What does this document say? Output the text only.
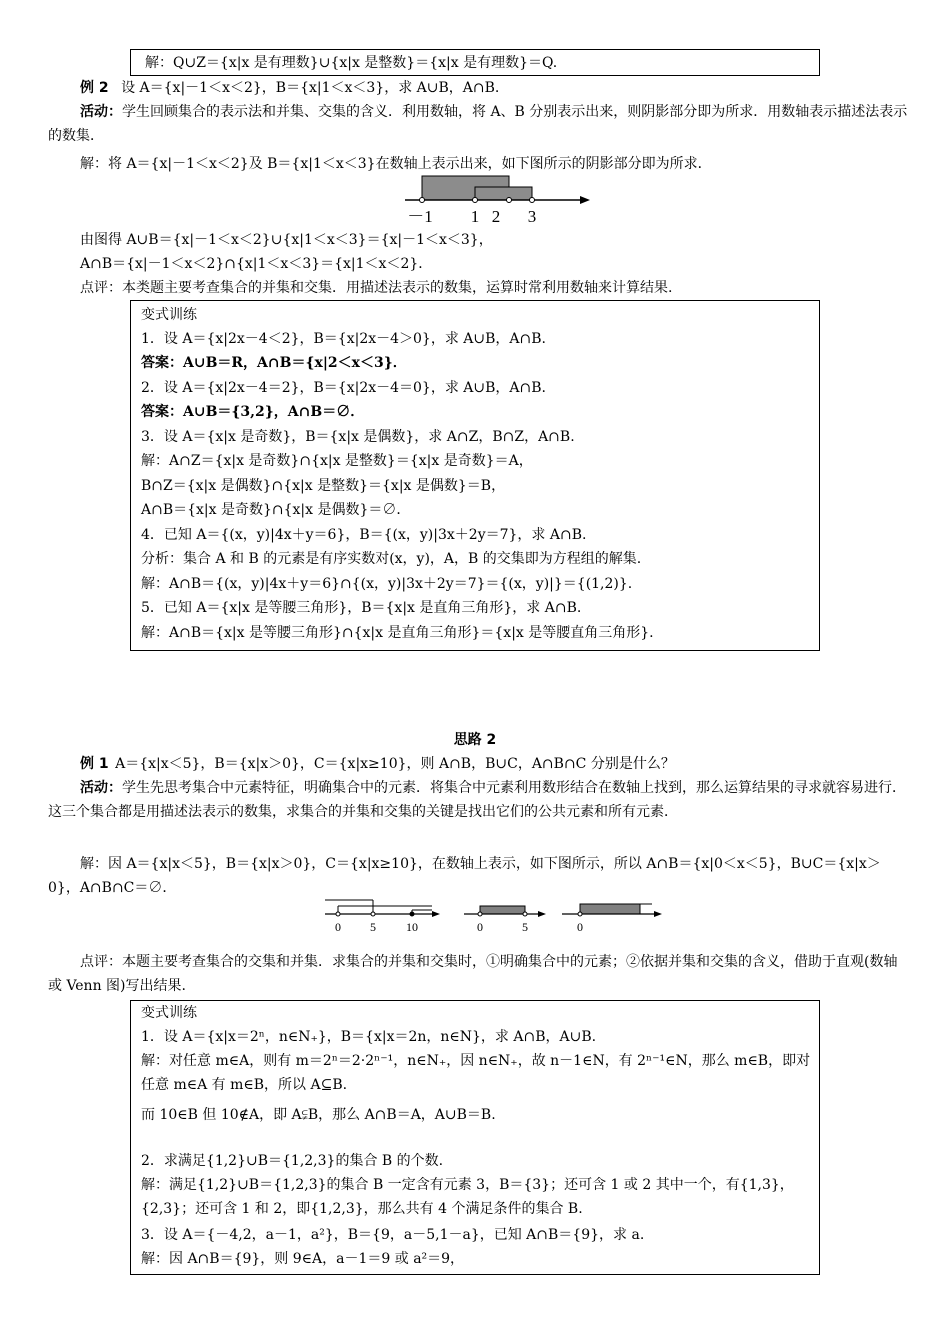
解：Q∪Z＝{x|x 是有理数}∪{x|x 是整数}＝{x|x 是有理数}＝Q.
例 2 设 A＝{x|－1＜x＜2}，B＝{x|1＜x＜3}，求 A∪B，A∩B.
活动：学生回顾集合的表示法和并集、交集的含义．利用数轴，将 A、B 分别表示出来，则阴影部分即为所求．用数轴表示描述法表示的数集．
解：将 A＝{x|－1＜x＜2}及 B＝{x|1＜x＜3}在数轴上表示出来，如下图所示的阴影部分即为所求．
－1 1 2 3
由图得 A∪B＝{x|－1＜x＜2}∪{x|1＜x＜3}＝{x|－1＜x＜3}，
A∩B＝{x|－1＜x＜2}∩{x|1＜x＜3}＝{x|1＜x＜2}．
点评：本类题主要考查集合的并集和交集．用描述法表示的数集，运算时常利用数轴来计算结果.
变式训练
1．设 A＝{x|2x－4＜2}，B＝{x|2x－4＞0}，求 A∪B，A∩B.
答案：A∪B＝R，A∩B＝{x|2＜x＜3}．
2．设 A＝{x|2x－4＝2}，B＝{x|2x－4＝0}，求 A∪B，A∩B.
答案：A∪B＝{3,2}，A∩B＝∅．
3．设 A＝{x|x 是奇数}，B＝{x|x 是偶数}，求 A∩Z，B∩Z，A∩B.
解：A∩Z＝{x|x 是奇数}∩{x|x 是整数}＝{x|x 是奇数}＝A，
B∩Z＝{x|x 是偶数}∩{x|x 是整数}＝{x|x 是偶数}＝B，
A∩B＝{x|x 是奇数}∩{x|x 是偶数}＝∅．
4．已知 A＝{(x，y)|4x＋y＝6}，B＝{(x，y)|3x＋2y＝7}，求 A∩B.
分析：集合 A 和 B 的元素是有序实数对(x，y)，A，B 的交集即为方程组的解集.
解：A∩B＝{(x，y)|4x＋y＝6}∩{(x，y)|3x＋2y＝7}＝{(x，y)|}＝{(1,2)}.
5．已知 A＝{x|x 是等腰三角形}，B＝{x|x 是直角三角形}，求 A∩B.
解：A∩B＝{x|x 是等腰三角形}∩{x|x 是直角三角形}＝{x|x 是等腰直角三角形}.
思路 2
例 1 A＝{x|x＜5}，B＝{x|x＞0}，C＝{x|x≥10}，则 A∩B，B∪C，A∩B∩C 分别是什么？
活动：学生先思考集合中元素特征，明确集合中的元素．将集合中元素利用数形结合在数轴上找到，那么运算结果的寻求就容易进行．这三个集合都是用描述法表示的数集，求集合的并集和交集的关键是找出它们的公共元素和所有元素．
解：因 A＝{x|x＜5}，B＝{x|x＞0}，C＝{x|x≥10}，在数轴上表示，如下图所示，所以 A∩B＝{x|0＜x＜5}，B∪C＝{x|x＞0}，A∩B∩C＝∅．
0 5	10	0	5	0
点评：本题主要考查集合的交集和并集．求集合的并集和交集时，①明确集合中的元素；②依据并集和交集的含义，借助于直观(数轴或 Venn 图)写出结果.
变式训练
1．设 A＝{x|x＝2ⁿ，n∈N₊}，B＝{x|x＝2n，n∈N}，求 A∩B，A∪B.
解：对任意 m∈A，则有 m＝2ⁿ＝2·2ⁿ⁻¹，n∈N₊，因 n∈N₊，故 n－1∈N，有 2ⁿ⁻¹∈N，那么 m∈B，即对任意 m∈A 有 m∈B，所以 A⊆B.
而 10∈B 但 10∉A，即 A⫋B，那么 A∩B＝A，A∪B＝B.
2．求满足{1,2}∪B＝{1,2,3}的集合 B 的个数.
解：满足{1,2}∪B＝{1,2,3}的集合 B 一定含有元素 3，B＝{3}；还可含 1 或 2 其中一个，有{1,3}，{2,3}；还可含 1 和 2，即{1,2,3}，那么共有 4 个满足条件的集合 B.
3．设 A＝{－4,2，a－1，a²}，B＝{9，a－5,1－a}，已知 A∩B＝{9}，求 a.
解：因 A∩B＝{9}，则 9∈A，a－1＝9 或 a²＝9，
